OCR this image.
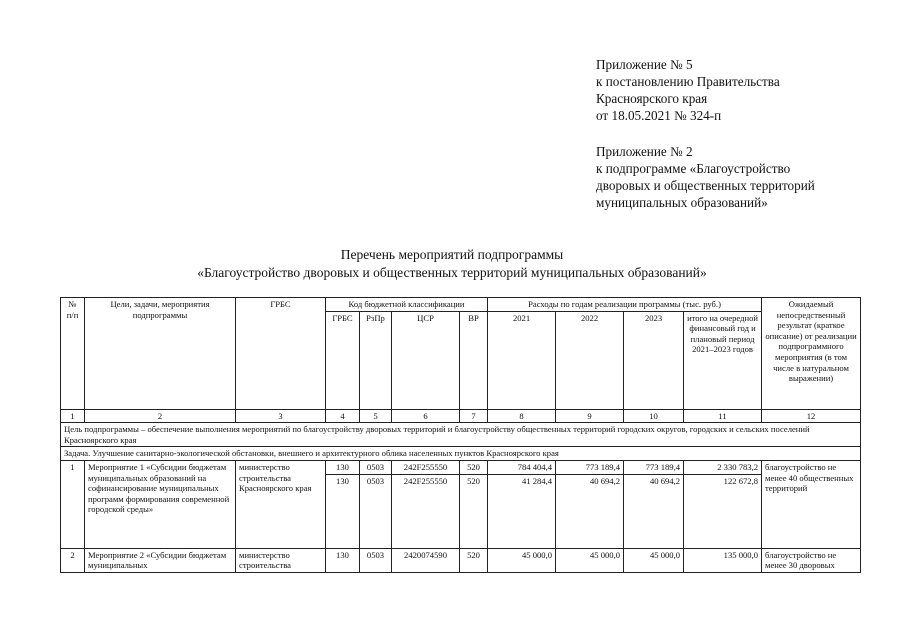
Приложение № 5
к постановлению Правительства
Красноярского края
от 18.05.2021 № 324-п
Приложение № 2
к подпрограмме «Благоустройство
дворовых и общественных территорий
муниципальных образований»
Перечень мероприятий подпрограммы
«Благоустройство дворовых и общественных территорий муниципальных образований»
№ п/п	Цели, задачи, мероприятия подпрограммы	ГРБС	Код бюджетной классификации				Расходы по годам реализации программы (тыс. руб.)				Ожидаемый непосредственный результат (краткое описание) от реализации подпрограммного мероприятия (в том числе в натуральном выражении)
			ГРБС	РзПр	ЦСР	ВР	2021	2022	2023	итого на очередной финансовый год и плановый период 2021–2023 годов	
1	2	3	4	5	6	7	8	9	10	11	12
Цель подпрограммы – обеспечение выполнения мероприятий по благоустройству дворовых территорий и благоустройству общественных территорий городских округов, городских и сельских поселений Красноярского края											
Задача. Улучшение санитарно-экологической обстановки, внешнего и архитектурного облика населенных пунктов Красноярского края											
1	Мероприятие 1 «Субсидии бюджетам муниципальных образований на софинансирование муниципальных программ формирования современной городской среды»	министерство строительства Красноярского края	130	0503	242F255550	520	784 404,4	773 189,4	773 189,4	2 330 783,2	благоустройство не менее 40 общественных территорий
			130	0503	242F255550	520	41 284,4	40 694,2	40 694,2	122 672,8	
2	Мероприятие 2 «Субсидии бюджетам муниципальных	министерство строительства	130	0503	2420074590	520	45 000,0	45 000,0	45 000,0	135 000,0	благоустройство не менее 30 дворовых
